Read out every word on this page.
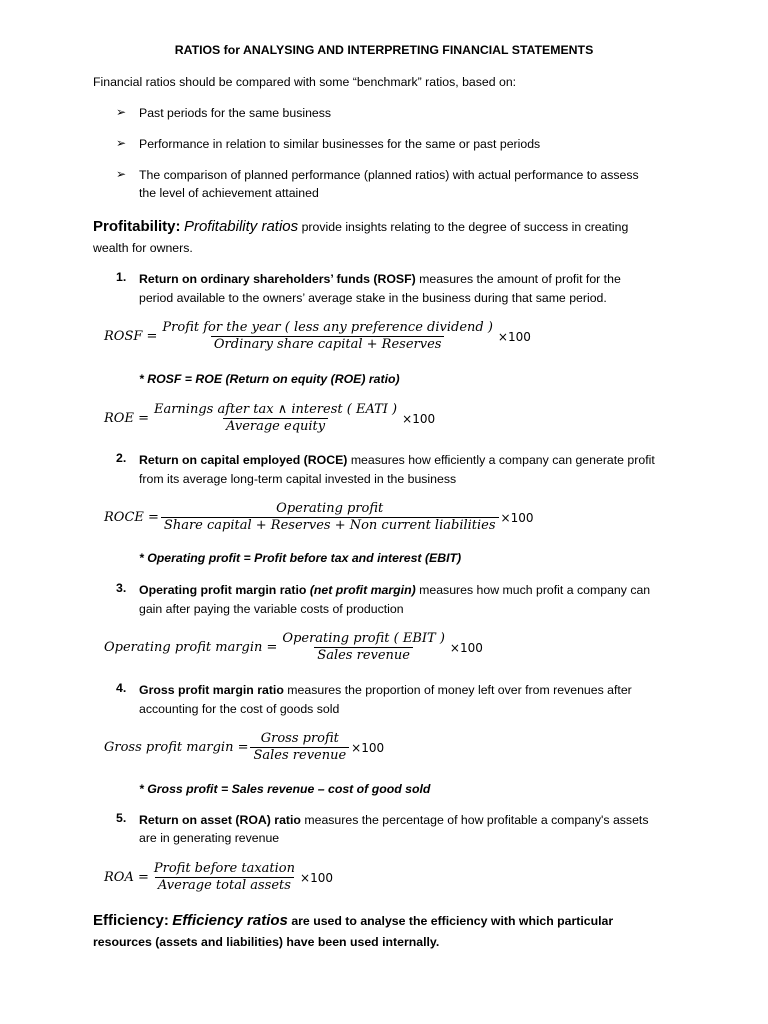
RATIOS for ANALYSING AND INTERPRETING FINANCIAL STATEMENTS
Financial ratios should be compared with some “benchmark” ratios, based on:
➢ Past periods for the same business
➢ Performance in relation to similar businesses for the same or past periods
➢ The comparison of planned performance (planned ratios) with actual performance to assess
the level of achievement attained
Profitability: Profitability ratios provide insights relating to the degree of success in creating
wealth for owners.
1. Return on ordinary shareholders’ funds (ROSF) measures the amount of profit for the
period available to the owners’ average stake in the business during that same period.
ROSF = $\frac{\text{Profit for the year ( less any preference dividend )}}{\text{Ordinary share capital + Reserves}} \times 100$
* ROSF = ROE (Return on equity (ROE) ratio)
ROE = $\frac{\text{Earnings after tax ∧ interest ( EATI )}}{\text{Average equity}} \times 100$
2. Return on capital employed (ROCE) measures how efficiently a company can generate profit
from its average long-term capital invested in the business
ROCE = $\frac{\text{Operating profit}}{\text{Share capital + Reserves + Non current liabilities}} \times 100$
* Operating profit = Profit before tax and interest (EBIT)
3. Operating profit margin ratio (net profit margin) measures how much profit a company can
gain after paying the variable costs of production
Operating profit margin = $\frac{\text{Operating profit ( EBIT )}}{\text{Sales revenue}} \times 100$
4. Gross profit margin ratio measures the proportion of money left over from revenues after
accounting for the cost of goods sold
Gross profit margin = $\frac{\text{Gross profit}}{\text{Sales revenue}} \times 100$
* Gross profit = Sales revenue – cost of good sold
5. Return on asset (ROA) ratio measures the percentage of how profitable a company's assets
are in generating revenue
ROA = $\frac{\text{Profit before taxation}}{\text{Average total assets}} \times 100$
Efficiency: Efficiency ratios are used to analyse the efficiency with which particular
resources (assets and liabilities) have been used internally.
